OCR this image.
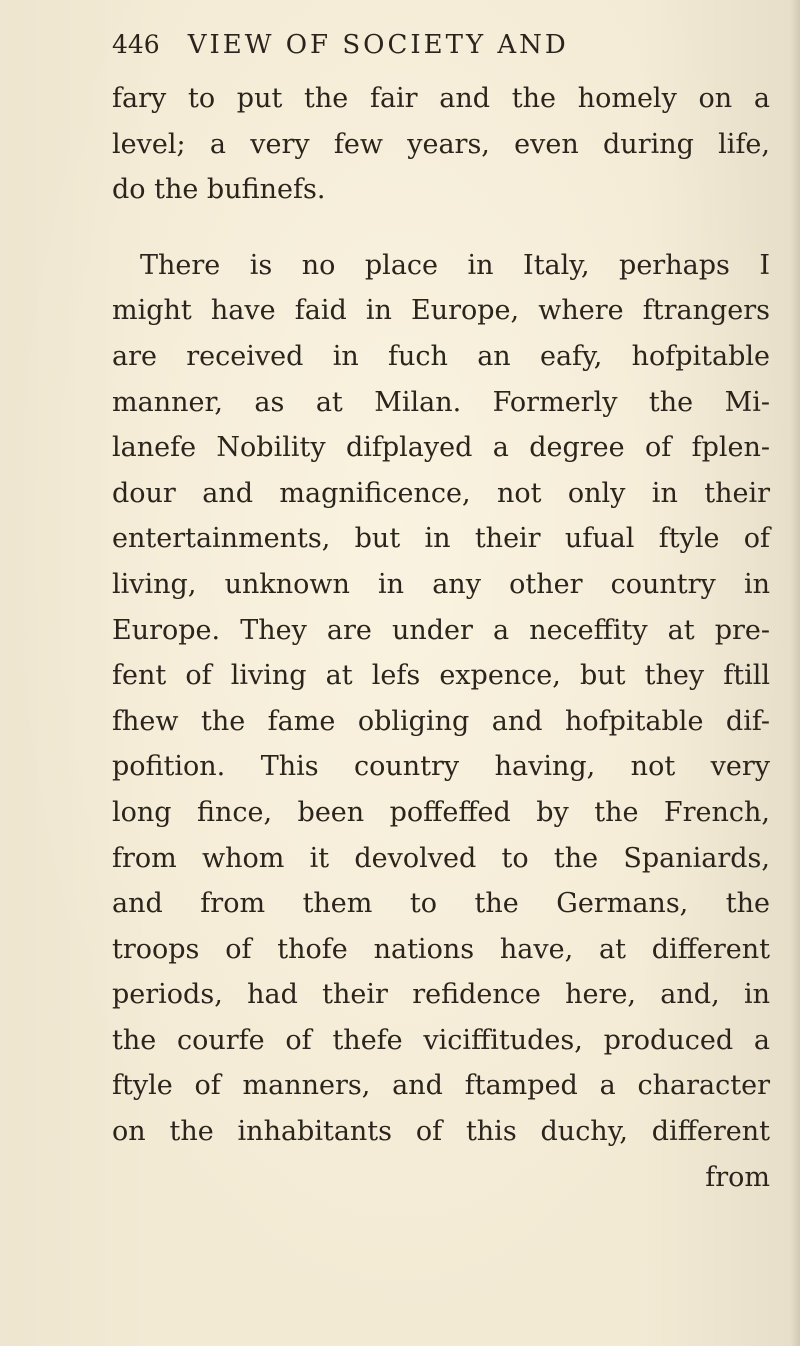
446 VIEW OF SOCIETY AND
fary to put the fair and the homely on a
level; a very few years, even during life,
do the bufinefs.
There is no place in Italy, perhaps I
might have faid in Europe, where ftrangers
are received in fuch an eafy, hofpitable
manner, as at Milan. Formerly the Mi-
lanefe Nobility difplayed a degree of fplen-
dour and magnificence, not only in their
entertainments, but in their ufual ftyle of
living, unknown in any other country in
Europe. They are under a neceffity at pre-
fent of living at lefs expence, but they ftill
fhew the fame obliging and hofpitable dif-
pofition. This country having, not very
long fince, been poffeffed by the French,
from whom it devolved to the Spaniards,
and from them to the Germans, the
troops of thofe nations have, at different
periods, had their refidence here, and, in
the courfe of thefe viciffitudes, produced a
ftyle of manners, and ftamped a character
on the inhabitants of this duchy, different
from
